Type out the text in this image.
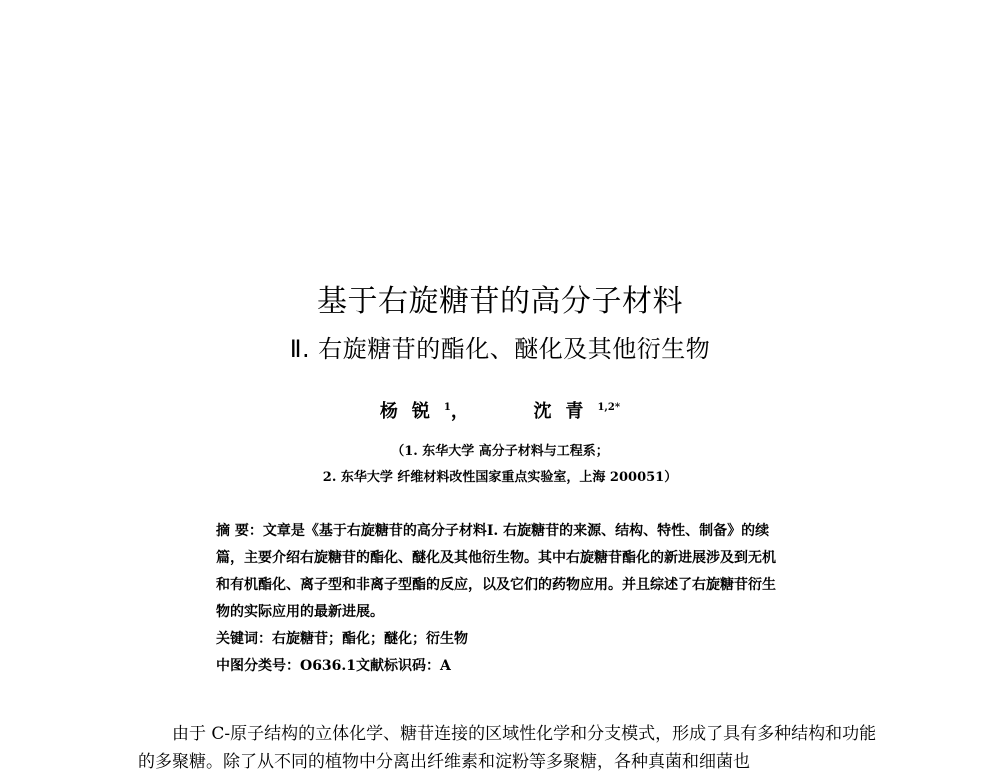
基于右旋糖苷的高分子材料
Ⅱ. 右旋糖苷的酯化、醚化及其他衍生物
杨锐$^1$，	沈青$^{1,2*}$
（1. 东华大学 高分子材料与工程系；
2. 东华大学 纤维材料改性国家重点实验室，上海 200051）

摘 要：文章是《基于右旋糖苷的高分子材料Ⅰ. 右旋糖苷的来源、结构、特性、制备》的续篇，主要介绍右旋糖苷的酯化、醚化及其他衍生物。其中右旋糖苷酯化的新进展涉及到无机和有机酯化、离子型和非离子型酯的反应，以及它们的药物应用。并且综述了右旋糖苷衍生物的实际应用的最新进展。

关键词：右旋糖苷；酯化；醚化；衍生物

中图分类号：O636.1文献标识码：A

由于 C-原子结构的立体化学、糖苷连接的区域性化学和分支模式，形成了具有多种结构和功能的多聚糖。除了从不同的植物中分离出纤维素和淀粉等多聚糖，各种真菌和细菌也
